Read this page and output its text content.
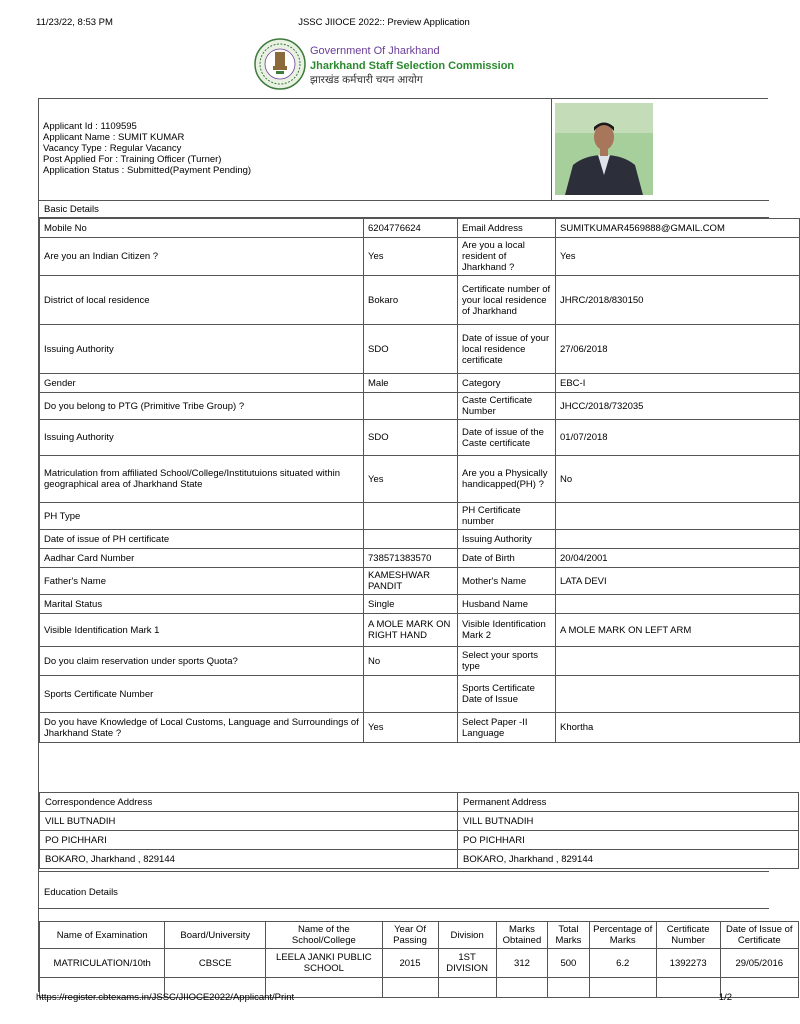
11/23/22, 8:53 PM	JSSC JIIOCE 2022:: Preview Application
Government Of Jharkhand
Jharkhand Staff Selection Commission
झारखंड कर्मचारी चयन आयोग
Applicant Id : 1109595
Applicant Name : SUMIT KUMAR
Vacancy Type : Regular Vacancy
Post Applied For : Training Officer (Turner)
Application Status : Submitted(Payment Pending)
Basic Details
Mobile No	6204776624	Email Address	SUMITKUMAR4569888@GMAIL.COM
Are you an Indian Citizen ?	Yes	Are you a local resident of Jharkhand ?	Yes
District of local residence	Bokaro	Certificate number of your local residence of Jharkhand	JHRC/2018/830150
Issuing Authority	SDO	Date of issue of your local residence certificate	27/06/2018
Gender	Male	Category	EBC-I
Do you belong to PTG (Primitive Tribe Group) ?		Caste Certificate Number	JHCC/2018/732035
Issuing Authority	SDO	Date of issue of the Caste certificate	01/07/2018
Matriculation from affiliated School/College/Institutuions situated within geographical area of Jharkhand State	Yes	Are you a Physically handicapped(PH) ?	No
PH Type		PH Certificate number	
Date of issue of PH certificate		Issuing Authority	
Aadhar Card Number	738571383570	Date of Birth	20/04/2001
Father's Name	KAMESHWAR PANDIT	Mother's Name	LATA DEVI
Marital Status	Single	Husband Name	
Visible Identification Mark 1	A MOLE MARK ON RIGHT HAND	Visible Identification Mark 2	A MOLE MARK ON LEFT ARM
Do you claim reservation under sports Quota?	No	Select your sports type	
Sports Certificate Number		Sports Certificate Date of Issue	
Do you have Knowledge of Local Customs, Language and Surroundings of Jharkhand State ?	Yes	Select Paper -II Language	Khortha
Correspondence Address	Permanent Address
VILL BUTNADIH	VILL BUTNADIH
PO PICHHARI	PO PICHHARI
BOKARO, Jharkhand , 829144	BOKARO, Jharkhand , 829144
Education Details
Name of Examination	Board/University	Name of the School/College	Year Of Passing	Division	Marks Obtained	Total Marks	Percentage of Marks	Certificate Number	Date of Issue of Certificate
MATRICULATION/10th	CBSCE	LEELA JANKI PUBLIC SCHOOL	2015	1ST DIVISION	312	500	6.2	1392273	29/05/2016

https://register.cbtexams.in/JSSC/JIIOCE2022/Applicant/Print	1/2
